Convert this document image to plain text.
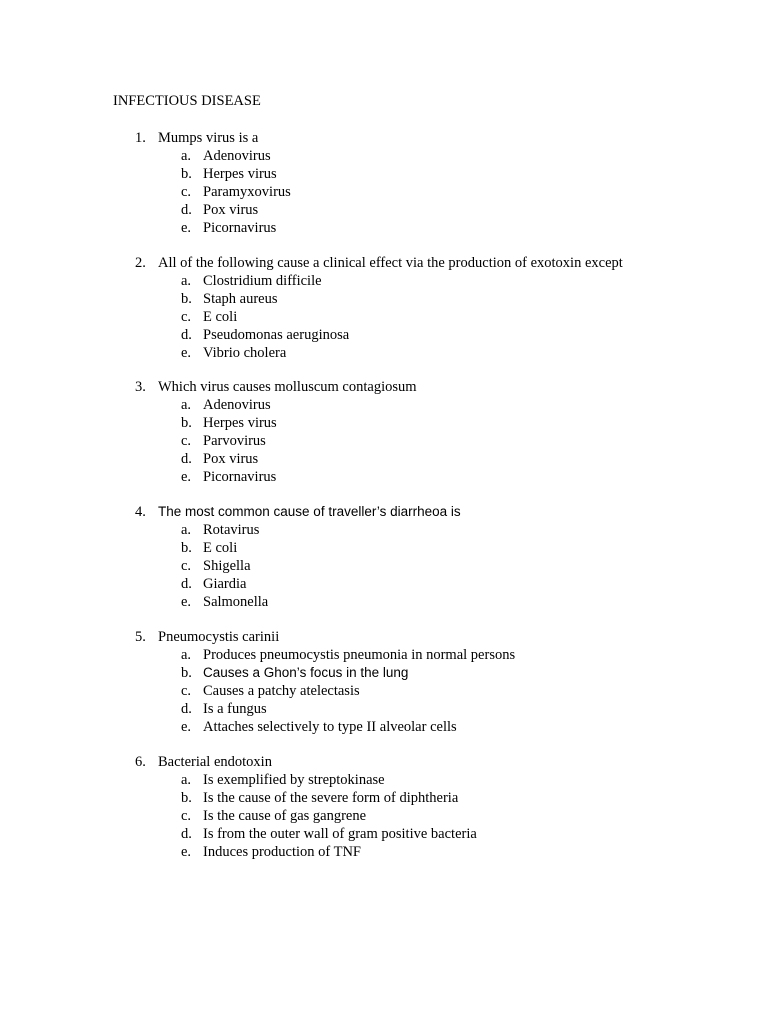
INFECTIOUS DISEASE
1. Mumps virus is a
a. Adenovirus
b. Herpes virus
c. Paramyxovirus
d. Pox virus
e. Picornavirus
2. All of the following cause a clinical effect via the production of exotoxin except
a. Clostridium difficile
b. Staph aureus
c. E coli
d. Pseudomonas aeruginosa
e. Vibrio cholera
3. Which virus causes molluscum contagiosum
a. Adenovirus
b. Herpes virus
c. Parvovirus
d. Pox virus
e. Picornavirus
4. The most common cause of traveller’s diarrheoa is
a. Rotavirus
b. E coli
c. Shigella
d. Giardia
e. Salmonella
5. Pneumocystis carinii
a. Produces pneumocystis pneumonia in normal persons
b. Causes a Ghon’s focus in the lung
c. Causes a patchy atelectasis
d. Is a fungus
e. Attaches selectively to type II alveolar cells
6. Bacterial endotoxin
a. Is exemplified by streptokinase
b. Is the cause of the severe form of diphtheria
c. Is the cause of gas gangrene
d. Is from the outer wall of gram positive bacteria
e. Induces production of TNF
